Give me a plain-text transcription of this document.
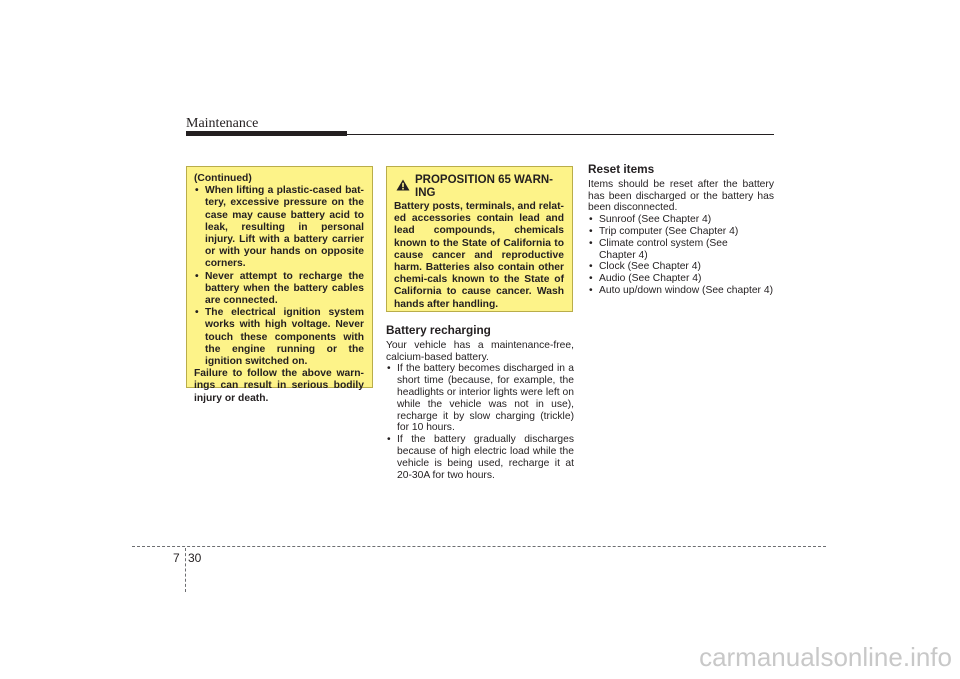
Maintenance
(Continued)
• When lifting a plastic-cased bat-tery, excessive pressure on the case may cause battery acid to leak, resulting in personal injury. Lift with a battery carrier or with your hands on opposite corners.
• Never attempt to recharge the battery when the battery cables are connected.
• The electrical ignition system works with high voltage. Never touch these components with the engine running or the ignition switched on.
Failure to follow the above warn-ings can result in serious bodily injury or death.
PROPOSITION 65 WARN-ING
Battery posts, terminals, and relat-ed accessories contain lead and lead compounds, chemicals known to the State of California to cause cancer and reproductive harm. Batteries also contain other chemi-cals known to the State of California to cause cancer. Wash hands after handling.
Battery recharging

Your vehicle has a maintenance-free, calcium-based battery.

• If the battery becomes discharged in a short time (because, for example, the headlights or interior lights were left on while the vehicle was not in use), recharge it by slow charging (trickle) for 10 hours.
• If the battery gradually discharges because of high electric load while the vehicle is being used, recharge it at 20-30A for two hours.
Reset items

Items should be reset after the battery has been discharged or the battery has been disconnected.

• Sunroof (See Chapter 4)
• Trip computer (See Chapter 4)
• Climate control system (See Chapter 4)
• Clock (See Chapter 4)
• Audio (See Chapter 4)
• Auto up/down window (See chapter 4)
7 30
carmanualsonline.info
